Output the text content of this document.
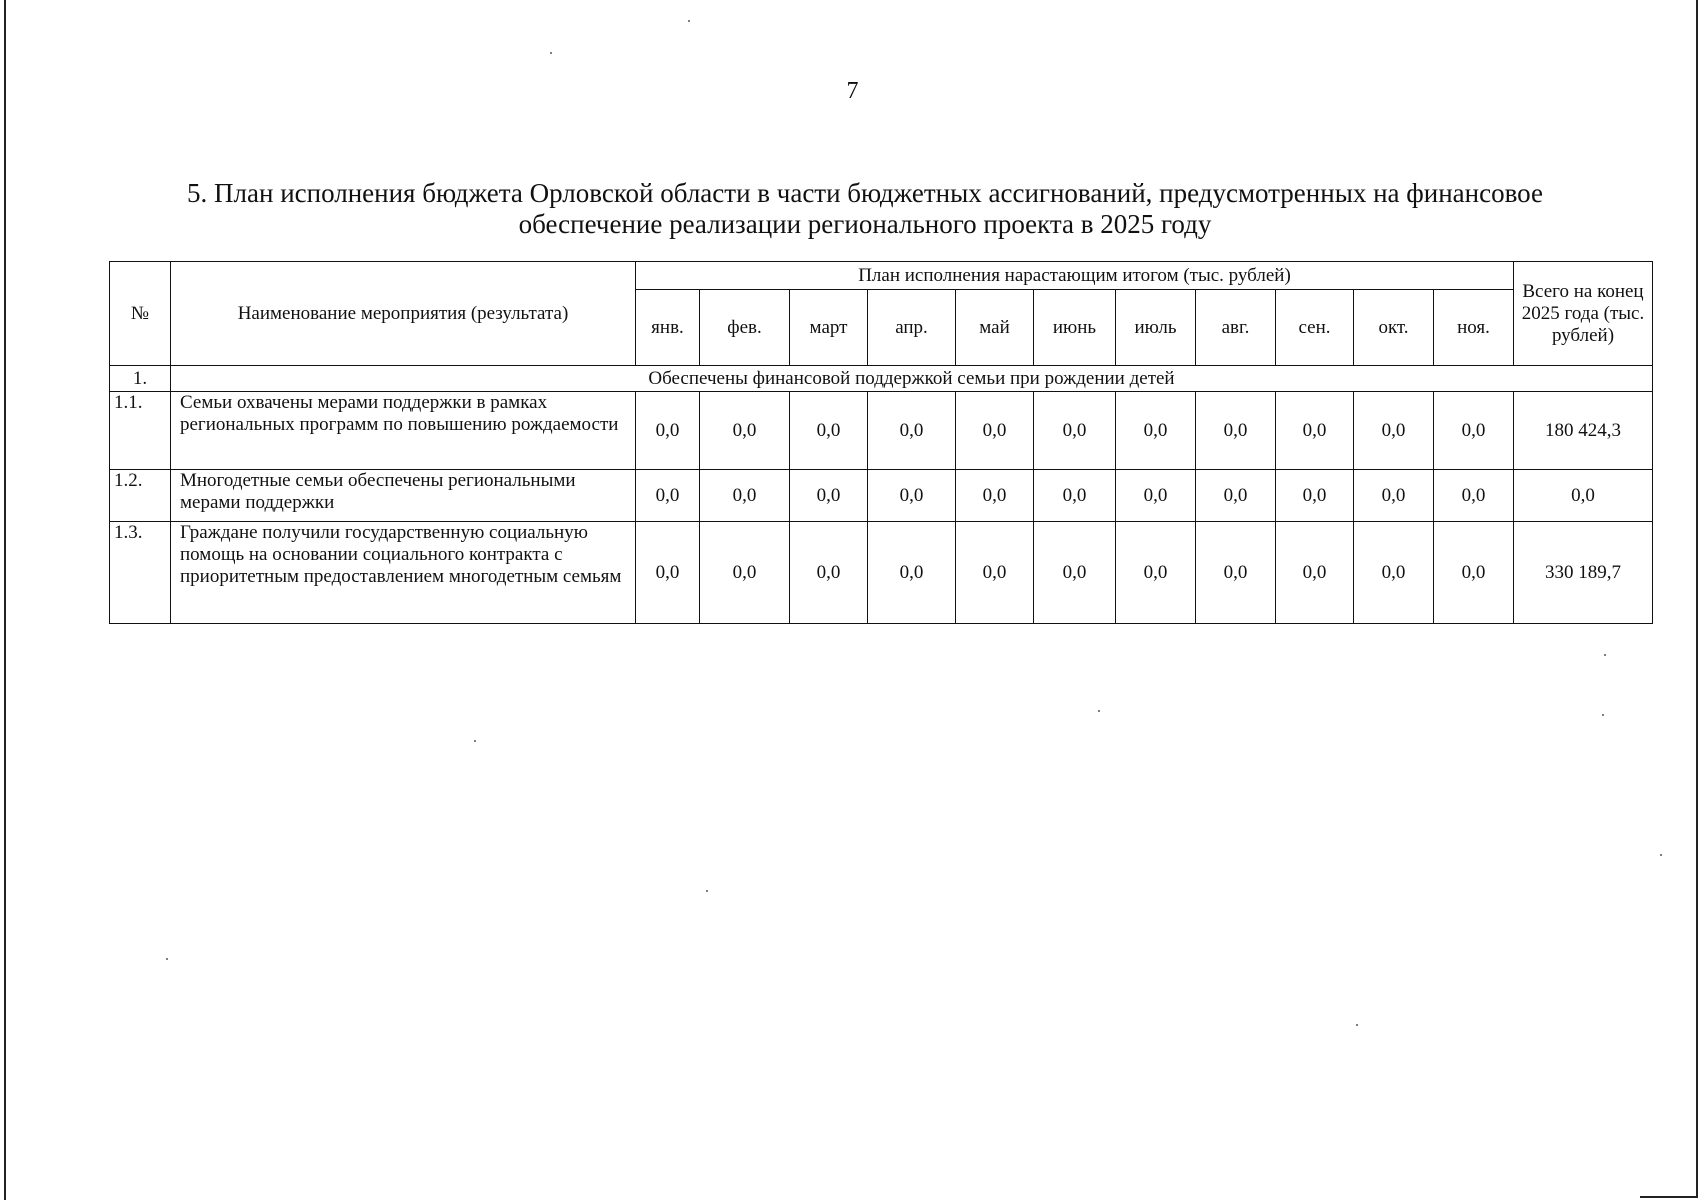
7
5. План исполнения бюджета Орловской области в части бюджетных ассигнований, предусмотренных на финансовое обеспечение реализации регионального проекта в 2025 году
№	Наименование мероприятия (результата)	План исполнения нарастающим итогом (тыс. рублей)											Всего на конец 2025 года (тыс. рублей)
		янв.	фев.	март	апр.	май	июнь	июль	авг.	сен.	окт.	ноя.	
1.	Обеспечены финансовой поддержкой семьи при рождении детей												
1.1.	Семьи охвачены мерами поддержки в рамках региональных программ по повышению рождаемости	0,0	0,0	0,0	0,0	0,0	0,0	0,0	0,0	0,0	0,0	0,0	180 424,3
1.2.	Многодетные семьи обеспечены региональными мерами поддержки	0,0	0,0	0,0	0,0	0,0	0,0	0,0	0,0	0,0	0,0	0,0	0,0
1.3.	Граждане получили государственную социальную помощь на основании социального контракта с приоритетным предоставлением многодетным семьям	0,0	0,0	0,0	0,0	0,0	0,0	0,0	0,0	0,0	0,0	0,0	330 189,7
